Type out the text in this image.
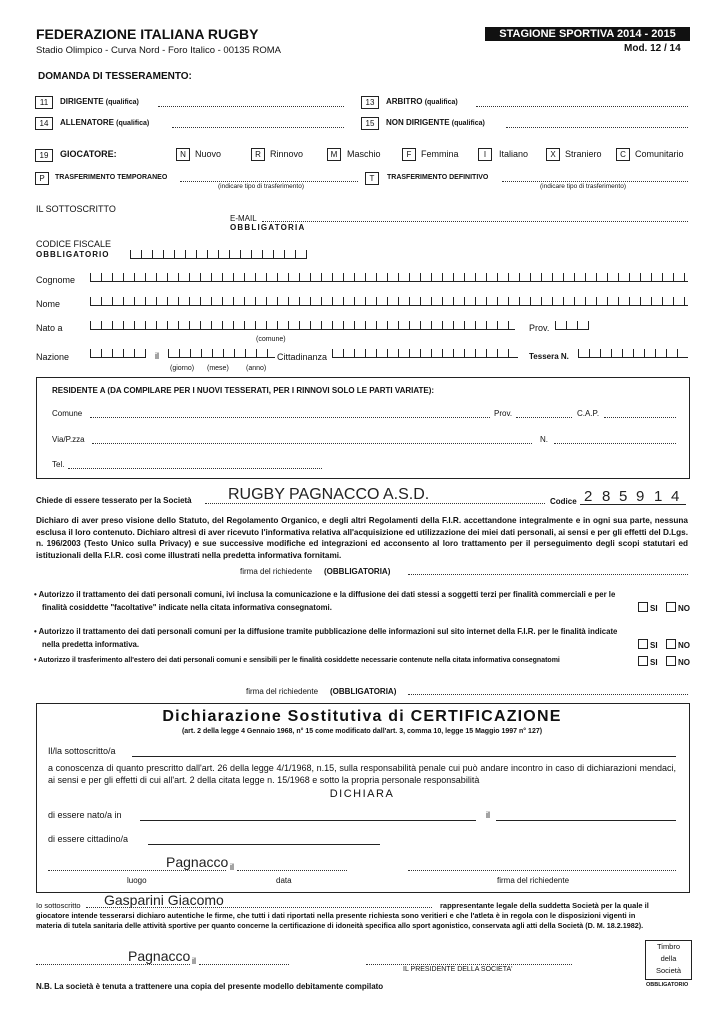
FEDERAZIONE ITALIANA RUGBY
Stadio Olimpico - Curva Nord - Foro Italico - 00135 ROMA
STAGIONE SPORTIVA 2014 - 2015
Mod. 12 / 14
DOMANDA DI TESSERAMENTO:
11	DIRIGENTE (qualifica)	13	ARBITRO (qualifica)
14	ALLENATORE (qualifica)	15	NON DIRIGENTE (qualifica)
19	GIOCATORE:	N	Nuovo	R	Rinnovo	M	Maschio	F	Femmina	I	Italiano	X	Straniero	C	Comunitario
P	TRASFERIMENTO TEMPORANEO
(indicare tipo di trasferimento)
T	TRASFERIMENTO DEFINITIVO
(indicare tipo di trasferimento)
IL SOTTOSCRITTO
E-MAIL
OBBLIGATORIA
CODICE FISCALE
OBBLIGATORIO
Cognome
Nome
Nato a	Prov.
(comune)
Nazione	il
(giorno) (mese) (anno)
Cittadinanza	Tessera N.
RESIDENTE A (DA COMPILARE PER I NUOVI TESSERATI, PER I RINNOVI SOLO LE PARTI VARIATE):
Comune	Prov.	C.A.P.
Via/P.zza	N.
Tel.
Chiede di essere tesserato per la Società RUGBY PAGNACCO A.S.D.	Codice 2 8 5 9 1 4
Dichiaro di aver preso visione dello Statuto, del Regolamento Organico, e degli altri Regolamenti della F.I.R. accettandone integralmente e in ogni sua parte, nessuna esclusa il loro contenuto. Dichiaro altresì di aver ricevuto l'informativa relativa all'acquisizione ed utilizzazione dei miei dati personali, ai sensi e per gli effetti del D.Lgs. n. 196/2003 (Testo Unico sulla Privacy) e sue successive modifiche ed integrazioni ed acconsento al loro trattamento per il perseguimento degli scopi statutari ed istituzionali della F.I.R. così come illustrati nella predetta informativa fornitami.
firma del richiedente (OBBLIGATORIA)
• Autorizzo il trattamento dei dati personali comuni, ivi inclusa la comunicazione e la diffusione dei dati stessi a soggetti terzi per finalità commerciali e per le
finalità cosiddette "facoltative" indicate nella citata informativa consegnatomi.	SI	NO
• Autorizzo il trattamento dei dati personali comuni per la diffusione tramite pubblicazione delle informazioni sul sito internet della F.I.R. per le finalità indicate
nella predetta informativa.	SI	NO
• Autorizzo il trasferimento all'estero dei dati personali comuni e sensibili per le finalità cosiddette necessarie contenute nella citata informativa consegnatomi	SI	NO
firma del richiedente (OBBLIGATORIA)
Dichiarazione Sostitutiva di CERTIFICAZIONE
(art. 2 della legge 4 Gennaio 1968, n° 15 come modificato dall'art. 3, comma 10, legge 15 Maggio 1997 n° 127)
Il/la sottoscritto/a
a conoscenza di quanto prescritto dall'art. 26 della legge 4/1/1968, n.15, sulla responsabilità penale cui può andare incontro in caso di dichiarazioni mendaci, ai sensi e per gli effetti di cui all'art. 2 della citata legge n. 15/1968 e sotto la propria personale responsabilità
DICHIARA
di essere nato/a in	il
di essere cittadino/a
Pagnacco il
luogo	data	firma del richiedente
Io sottoscritto Gasparini Giacomo	rappresentante legale della suddetta Società per la quale il
giocatore intende tesserarsi dichiaro autentiche le firme, che tutti i dati riportati nella presente richiesta sono veritieri e che l'atleta è in regola con le disposizioni vigenti in
materia di tutela sanitaria delle attività sportive per quanto concerne la certificazione di idoneità specifica allo sport agonistico, conservata agli atti della Società (D. M. 18.2.1982).
Pagnacco il
IL PRESIDENTE DELLA SOCIETA'
Timbro
della
Società
OBBLIGATORIO
N.B. La società è tenuta a trattenere una copia del presente modello debitamente compilato
